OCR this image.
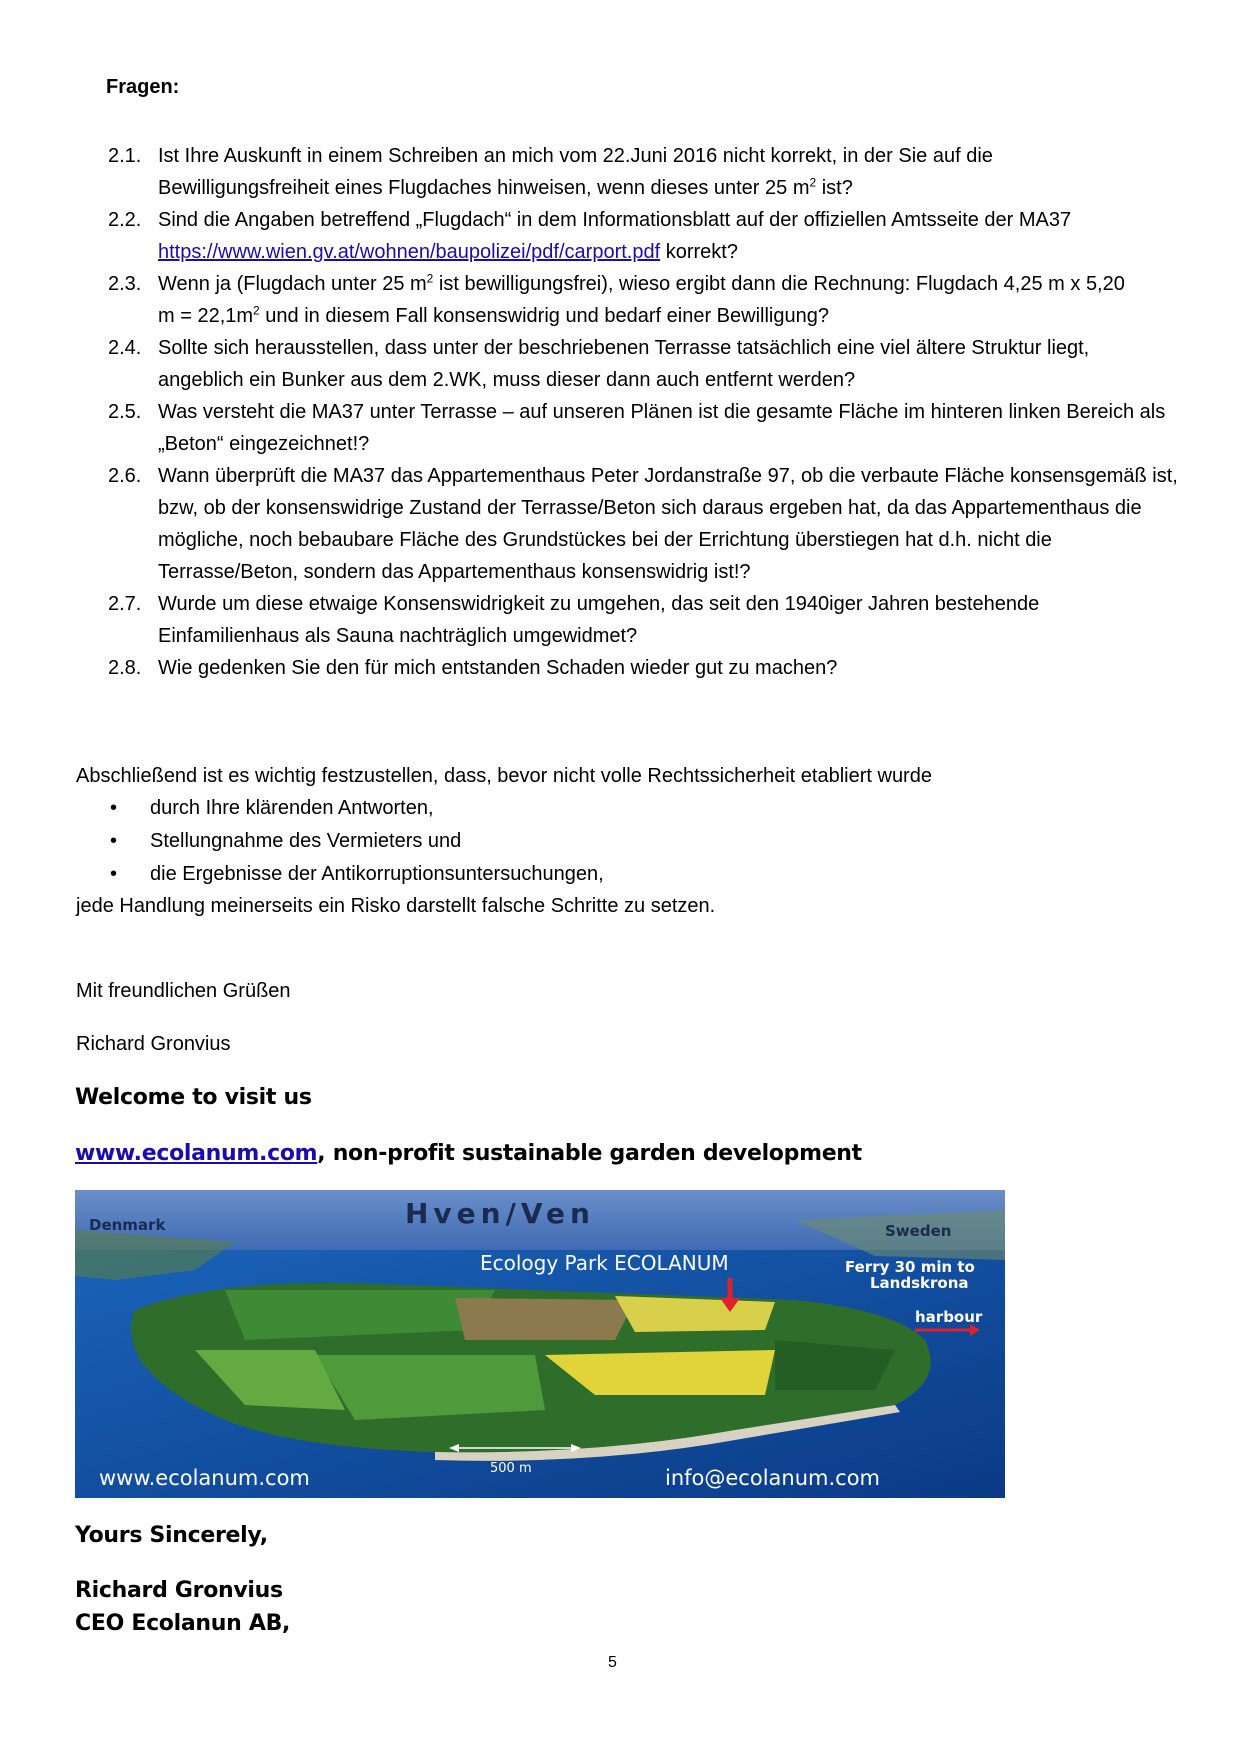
Fragen:
2.1. Ist Ihre Auskunft in einem Schreiben an mich vom 22.Juni 2016 nicht korrekt, in der Sie auf die
Bewilligungsfreiheit eines Flugdaches hinweisen, wenn dieses unter 25 $m^2$ ist?
2.2. Sind die Angaben betreffend „Flugdach“ in dem Informationsblatt auf der offiziellen Amtsseite der MA37
https://www.wien.gv.at/wohnen/baupolizei/pdf/carport.pdf korrekt?
2.3. Wenn ja (Flugdach unter 25 $m^2$ ist bewilligungsfrei), wieso ergibt dann die Rechnung: Flugdach 4,25 m x 5,20
$m = 22,1m^2$ und in diesem Fall konsenswidrig und bedarf einer Bewilligung?
2.4. Sollte sich herausstellen, dass unter der beschriebenen Terrasse tatsächlich eine viel ältere Struktur liegt, angeblich ein Bunker aus dem 2.WK, muss dieser dann auch entfernt werden?
2.5. Was versteht die MA37 unter Terrasse – auf unseren Plänen ist die gesamte Fläche im hinteren linken Bereich als „Beton“ eingezeichnet!?
2.6. Wann überprüft die MA37 das Appartementhaus Peter Jordanstraße 97, ob die verbaute Fläche konsensgemäß ist, bzw, ob der konsenswidrige Zustand der Terrasse/Beton sich daraus ergeben hat, da das Appartementhaus die mögliche, noch bebaubare Fläche des Grundstückes bei der Errichtung überstiegen hat d.h. nicht die Terrasse/Beton, sondern das Appartementhaus konsenswidrig ist!?
2.7. Wurde um diese etwaige Konsenswidrigkeit zu umgehen, das seit den 1940iger Jahren bestehende Einfamilienhaus als Sauna nachträglich umgewidmet?
2.8. Wie gedenken Sie den für mich entstanden Schaden wieder gut zu machen?
Abschließend ist es wichtig festzustellen, dass, bevor nicht volle Rechtssicherheit etabliert wurde
•	durch Ihre klärenden Antworten,
•	Stellungnahme des Vermieters und
•	die Ergebnisse der Antikorruptionsuntersuchungen,
jede Handlung meinerseits ein Risko darstellt falsche Schritte zu setzen.
Mit freundlichen Grüßen
Richard Gronvius
Welcome to visit us
www.ecolanum.com, non-profit sustainable garden development
Hven/Ven
Denmark	Sweden
Ecology Park ECOLANUM	Ferry 30 min to
Landskrona
harbour
500 m
www.ecolanum.com	info@ecolanum.com
Yours Sincerely,
Richard Gronvius
CEO Ecolanun AB,
5
